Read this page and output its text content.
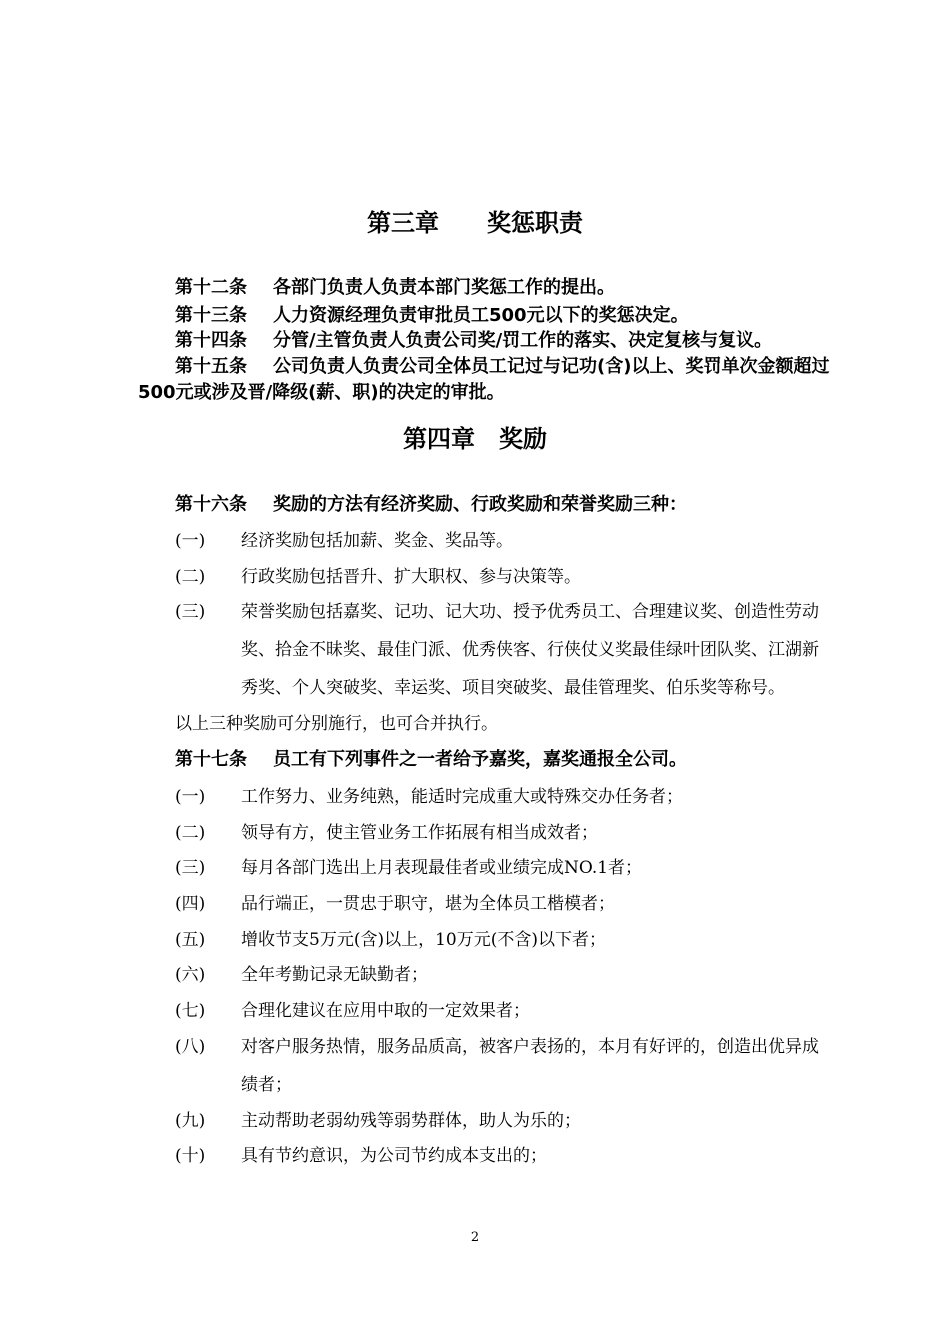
第三章　　奖惩职责
第十二条 各部门负责人负责本部门奖惩工作的提出。
第十三条 人力资源经理负责审批员工500元以下的奖惩决定。
第十四条 分管/主管负责人负责公司奖/罚工作的落实、决定复核与复议。
第十五条 公司负责人负责公司全体员工记过与记功(含)以上、奖罚单次金额超过
500元或涉及晋/降级(薪、职)的决定的审批。
第四章　奖励
第十六条 奖励的方法有经济奖励、行政奖励和荣誉奖励三种：
(一) 经济奖励包括加薪、奖金、奖品等。
(二) 行政奖励包括晋升、扩大职权、参与决策等。
(三) 荣誉奖励包括嘉奖、记功、记大功、授予优秀员工、合理建议奖、创造性劳动
奖、拾金不昧奖、最佳门派、优秀侠客、行侠仗义奖最佳绿叶团队奖、江湖新
秀奖、个人突破奖、幸运奖、项目突破奖、最佳管理奖、伯乐奖等称号。
以上三种奖励可分别施行，也可合并执行。
第十七条 员工有下列事件之一者给予嘉奖，嘉奖通报全公司。
(一) 工作努力、业务纯熟，能适时完成重大或特殊交办任务者；
(二) 领导有方，使主管业务工作拓展有相当成效者；
(三) 每月各部门选出上月表现最佳者或业绩完成NO.1者；
(四) 品行端正，一贯忠于职守，堪为全体员工楷模者；
(五) 增收节支5万元(含)以上，10万元(不含)以下者；
(六) 全年考勤记录无缺勤者；
(七) 合理化建议在应用中取的一定效果者；
(八) 对客户服务热情，服务品质高，被客户表扬的，本月有好评的，创造出优异成
绩者；
(九) 主动帮助老弱幼残等弱势群体，助人为乐的；
(十) 具有节约意识，为公司节约成本支出的；
2
